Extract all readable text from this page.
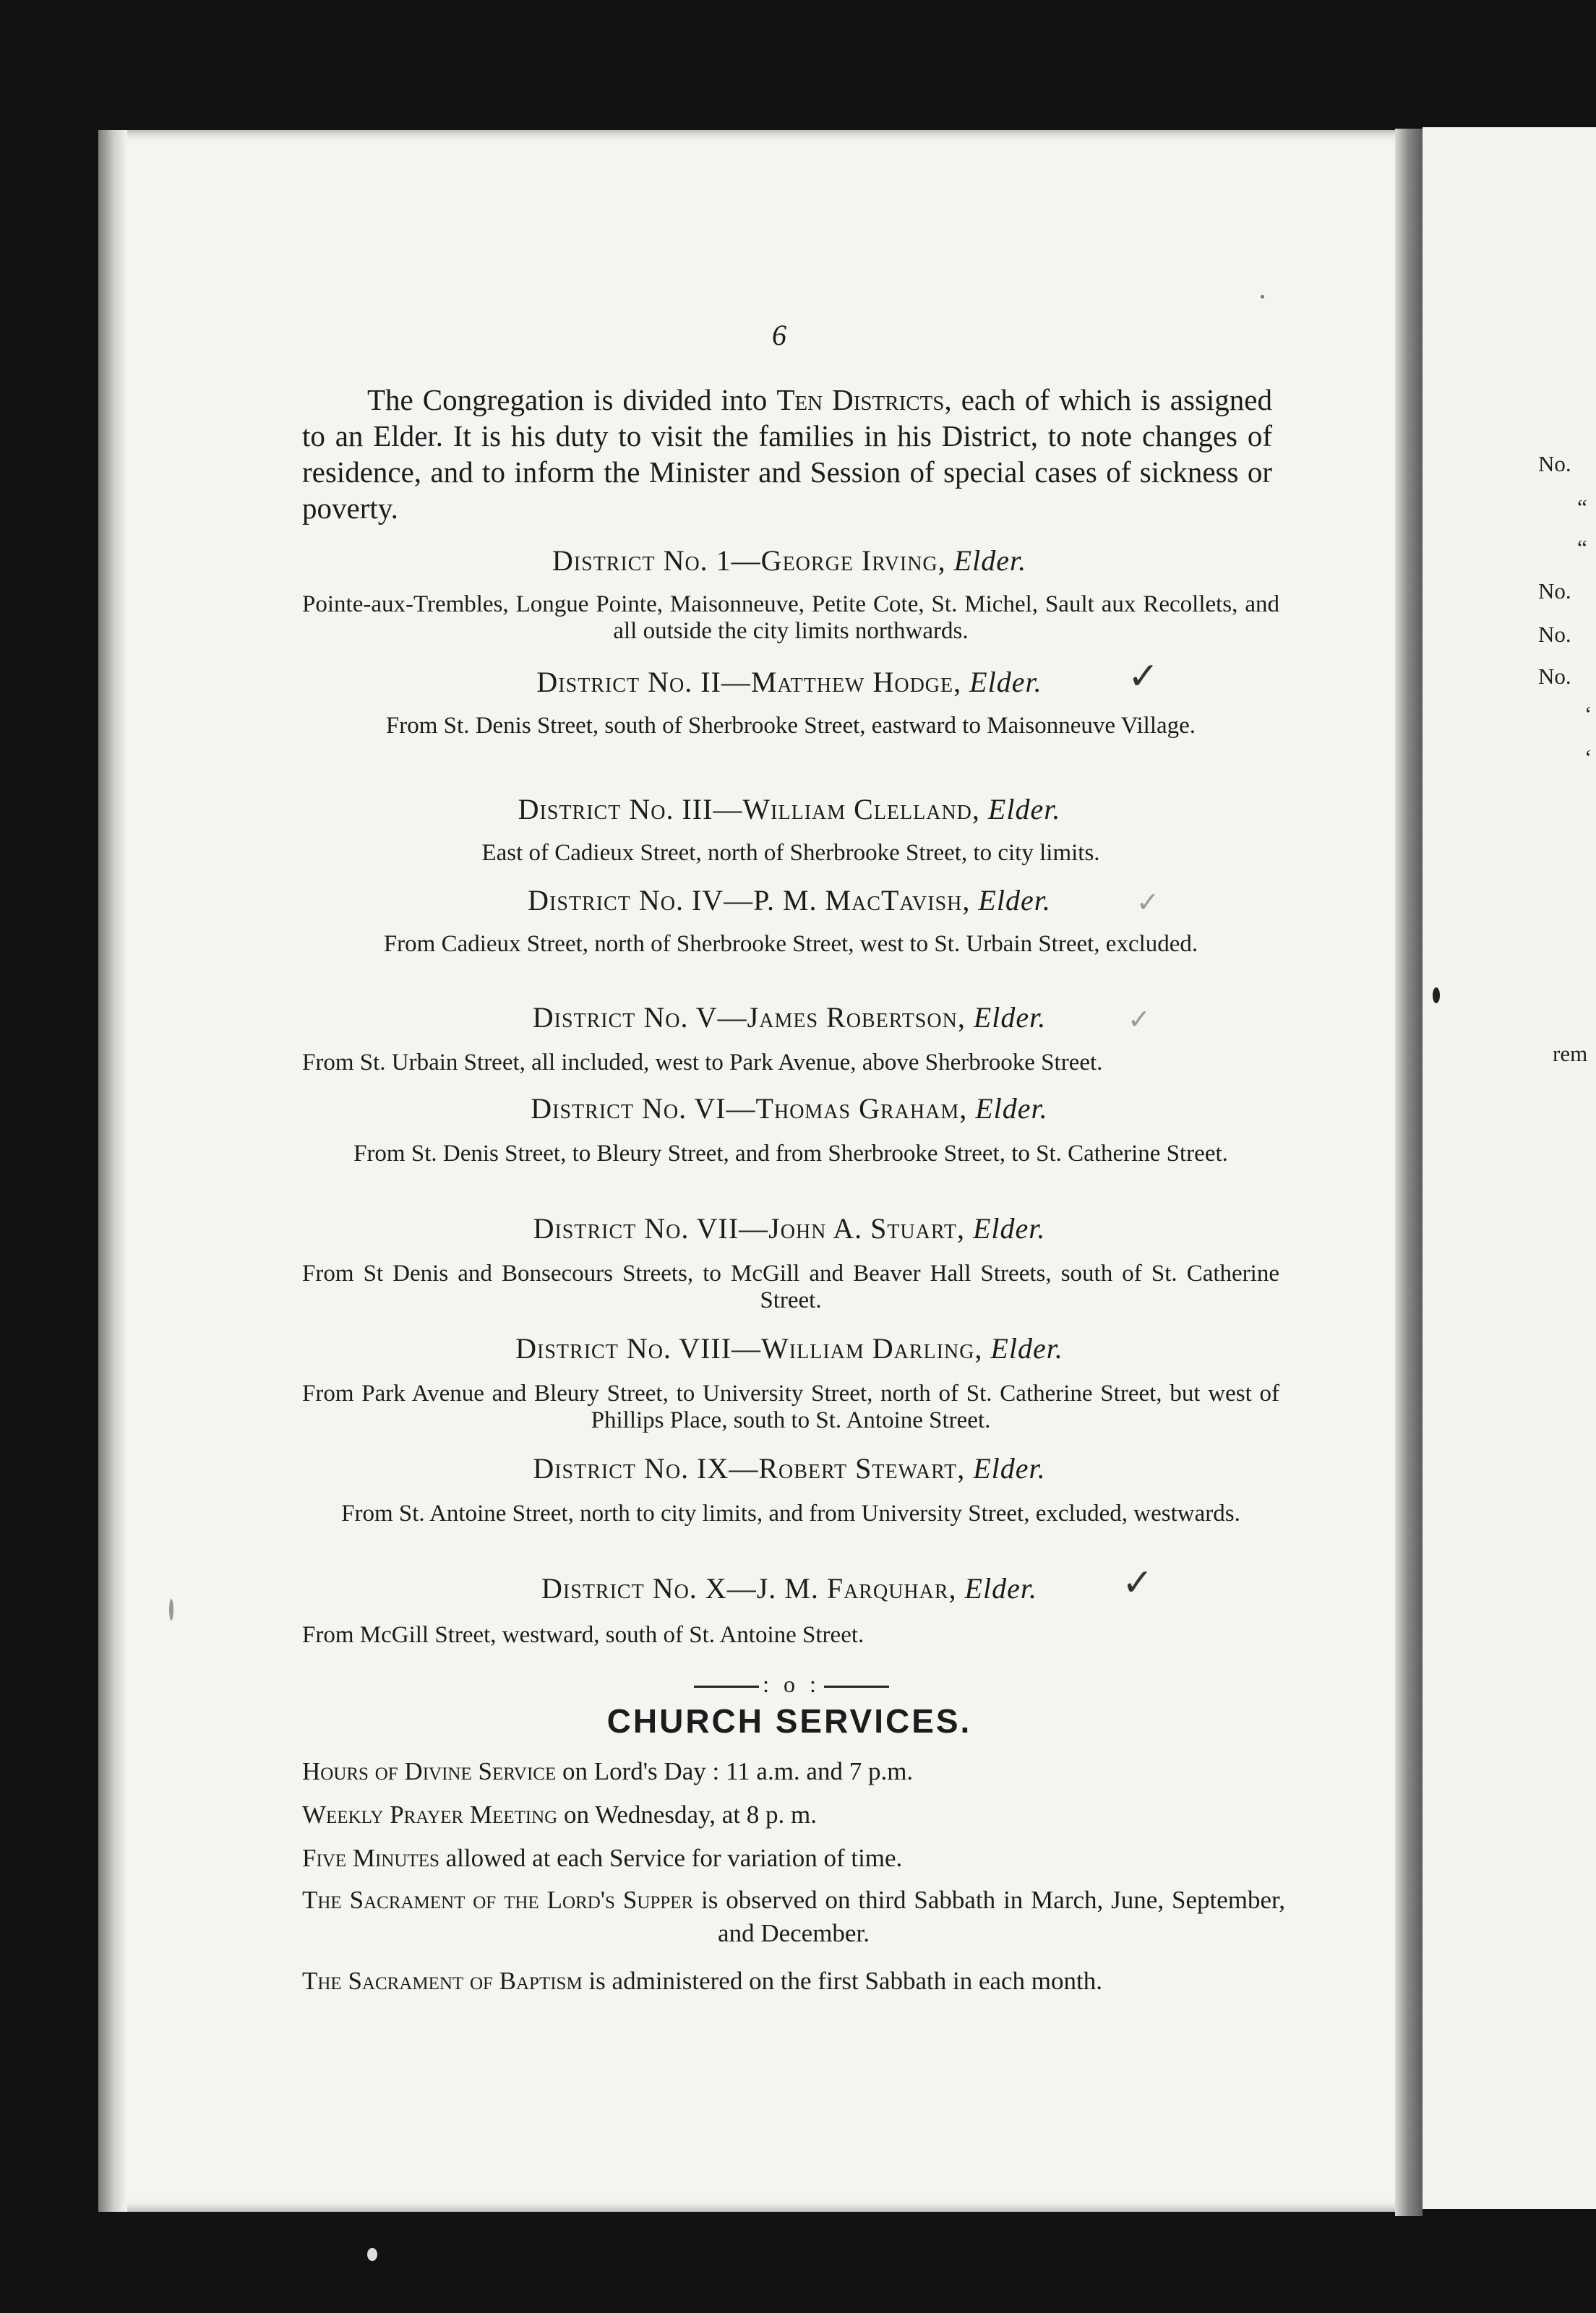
No.
“
“
No.
No.
No.
‘
‘
rem
6

The Congregation is divided into Ten Districts, each of which is assigned to an Elder. It is his duty to visit the families in his District, to note changes of residence, and to inform the Minister and Session of special cases of sickness or poverty.

District No. 1—George Irving, Elder.

Pointe-aux-Trembles, Longue Pointe, Maisonneuve, Petite Cote, St. Michel, Sault aux Recollets, and all outside the city limits northwards.

District No. II—Matthew Hodge, Elder.	✓

From St. Denis Street, south of Sherbrooke Street, eastward to Maisonneuve Village.

District No. III—William Clelland, Elder.

East of Cadieux Street, north of Sherbrooke Street, to city limits.

District No. IV—P. M. MacTavish, Elder.	✓

From Cadieux Street, north of Sherbrooke Street, west to St. Urbain Street, excluded.

District No. V—James Robertson, Elder.	✓

From St. Urbain Street, all included, west to Park Avenue, above Sherbrooke Street.

District No. VI—Thomas Graham, Elder.

From St. Denis Street, to Bleury Street, and from Sherbrooke Street, to St. Catherine Street.

District No. VII—John A. Stuart, Elder.

From St Denis and Bonsecours Streets, to McGill and Beaver Hall Streets, south of St. Catherine Street.

District No. VIII—William Darling, Elder.

From Park Avenue and Bleury Street, to University Street, north of St. Catherine Street, but west of Phillips Place, south to St. Antoine Street.

District No. IX—Robert Stewart, Elder.

From St. Antoine Street, north to city limits, and from University Street, excluded, westwards.

District No. X—J. M. Farquhar, Elder.	✓

From McGill Street, westward, south of St. Antoine Street.

: o :
CHURCH SERVICES.

Hours of Divine Service on Lord's Day : 11 a.m. and 7 p.m.

Weekly Prayer Meeting on Wednesday, at 8 p. m.

Five Minutes allowed at each Service for variation of time.

The Sacrament of the Lord's Supper is observed on third Sabbath in March, June, September, and December.

The Sacrament of Baptism is administered on the first Sabbath in each month.
